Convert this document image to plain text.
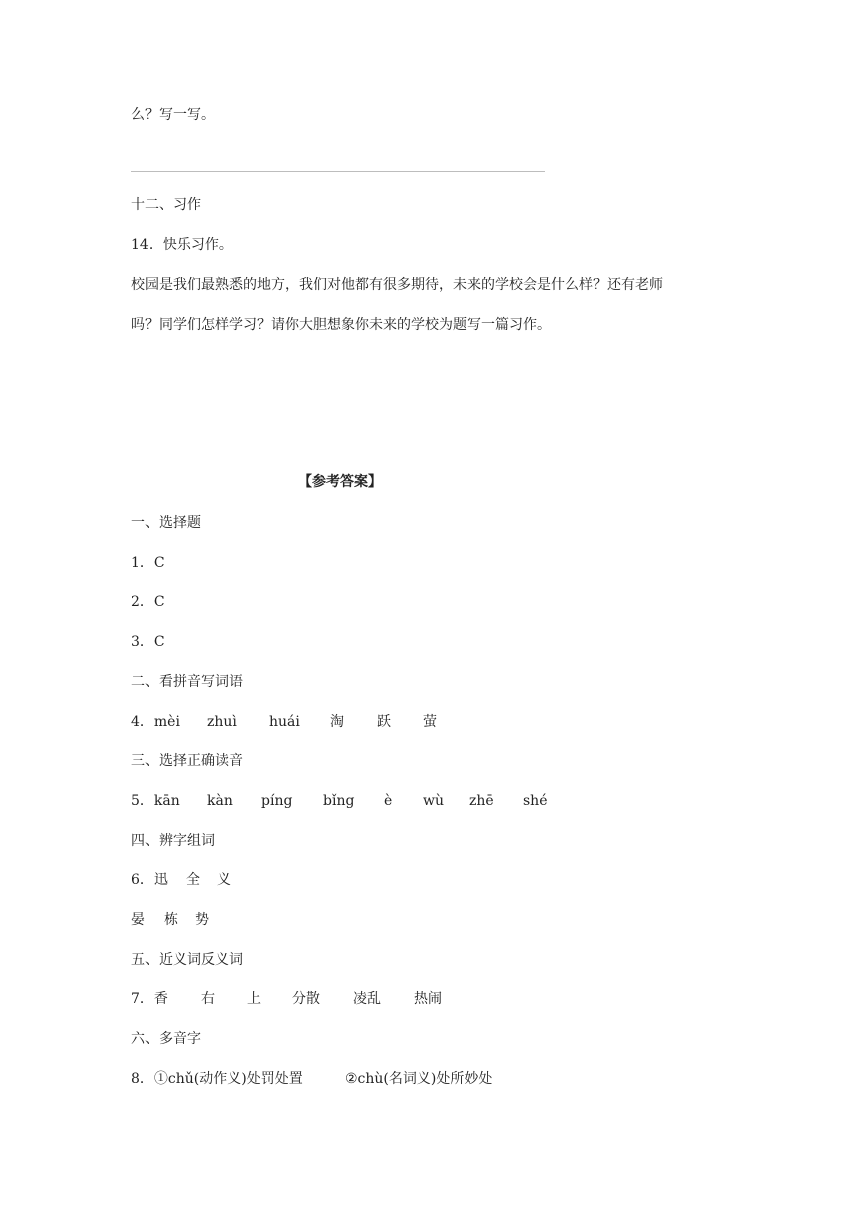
么？写一写。
十二、习作
14．快乐习作。
校园是我们最熟悉的地方，我们对他都有很多期待，未来的学校会是什么样？还有老师
吗？同学们怎样学习？请你大胆想象你未来的学校为题写一篇习作。
【参考答案】
一、选择题
1．C
2．C
3．C
二、看拼音写词语
4．mèi zhuì huái 淘 跃 萤
三、选择正确读音
5．kān kàn píng bǐng è wù zhē shé
四、辨字组词
6．迅 全 义
晏 栋 势
五、近义词反义词
7．香 右 上 分散 凌乱 热闹
六、多音字
8．①chǔ(动作义)处罚处置	②chù(名词义)处所妙处
